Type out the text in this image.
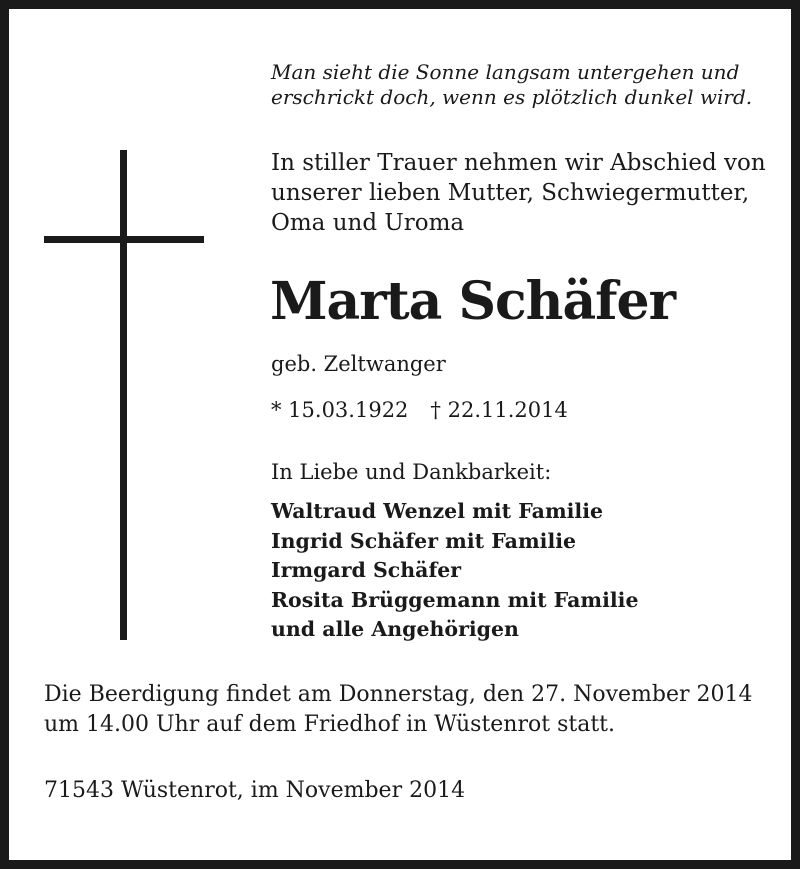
Man sieht die Sonne langsam untergehen und
erschrickt doch, wenn es plötzlich dunkel wird.
In stiller Trauer nehmen wir Abschied von
unserer lieben Mutter, Schwiegermutter,
Oma und Uroma
Marta Schäfer
geb. Zeltwanger
* 15.03.1922 † 22.11.2014
In Liebe und Dankbarkeit:
Waltraud Wenzel mit Familie
Ingrid Schäfer mit Familie
Irmgard Schäfer
Rosita Brüggemann mit Familie
und alle Angehörigen
Die Beerdigung findet am Donnerstag, den 27. November 2014
um 14.00 Uhr auf dem Friedhof in Wüstenrot statt.
71543 Wüstenrot, im November 2014
